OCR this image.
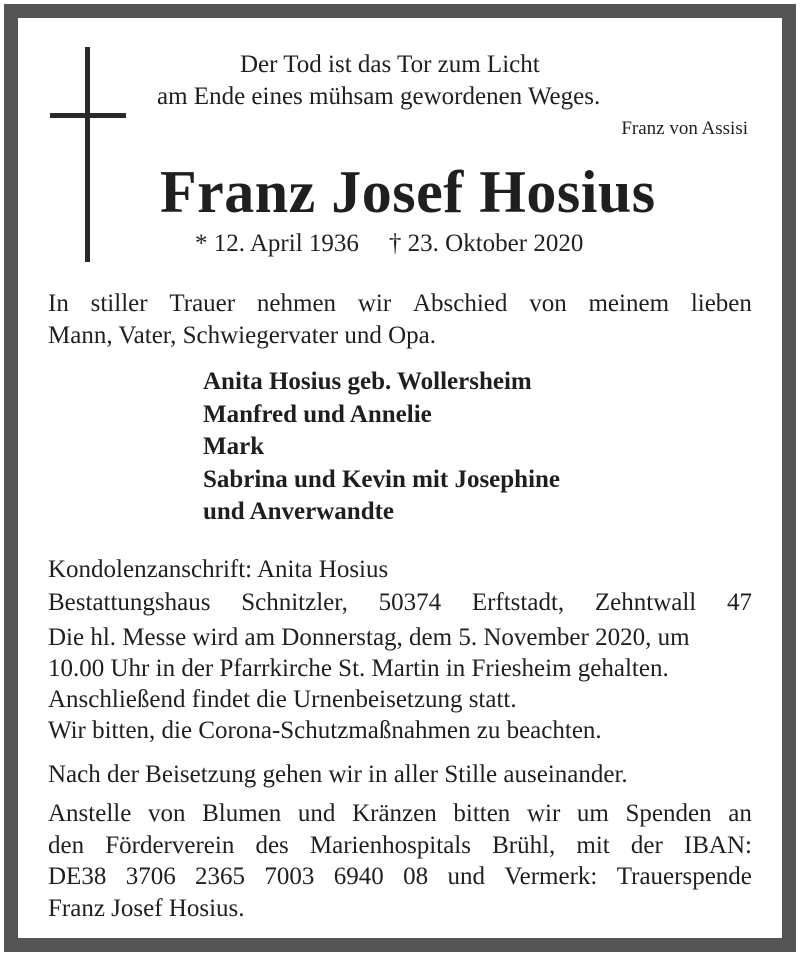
Der Tod ist das Tor zum Licht
am Ende eines mühsam gewordenen Weges.
Franz von Assisi
Franz Josef Hosius
* 12. April 1936 † 23. Oktober 2020
In stiller Trauer nehmen wir Abschied von meinem lieben
Mann, Vater, Schwiegervater und Opa.
Anita Hosius geb. Wollersheim
Manfred und Annelie
Mark
Sabrina und Kevin mit Josephine
und Anverwandte
Kondolenzanschrift: Anita Hosius
Bestattungshaus Schnitzler, 50374 Erftstadt, Zehntwall 47
Die hl. Messe wird am Donnerstag, dem 5. November 2020, um
10.00 Uhr in der Pfarrkirche St. Martin in Friesheim gehalten.
Anschließend findet die Urnenbeisetzung statt.
Wir bitten, die Corona-Schutzmaßnahmen zu beachten.
Nach der Beisetzung gehen wir in aller Stille auseinander.
Anstelle von Blumen und Kränzen bitten wir um Spenden an
den Förderverein des Marienhospitals Brühl, mit der IBAN:
DE38 3706 2365 7003 6940 08 und Vermerk: Trauerspende
Franz Josef Hosius.
